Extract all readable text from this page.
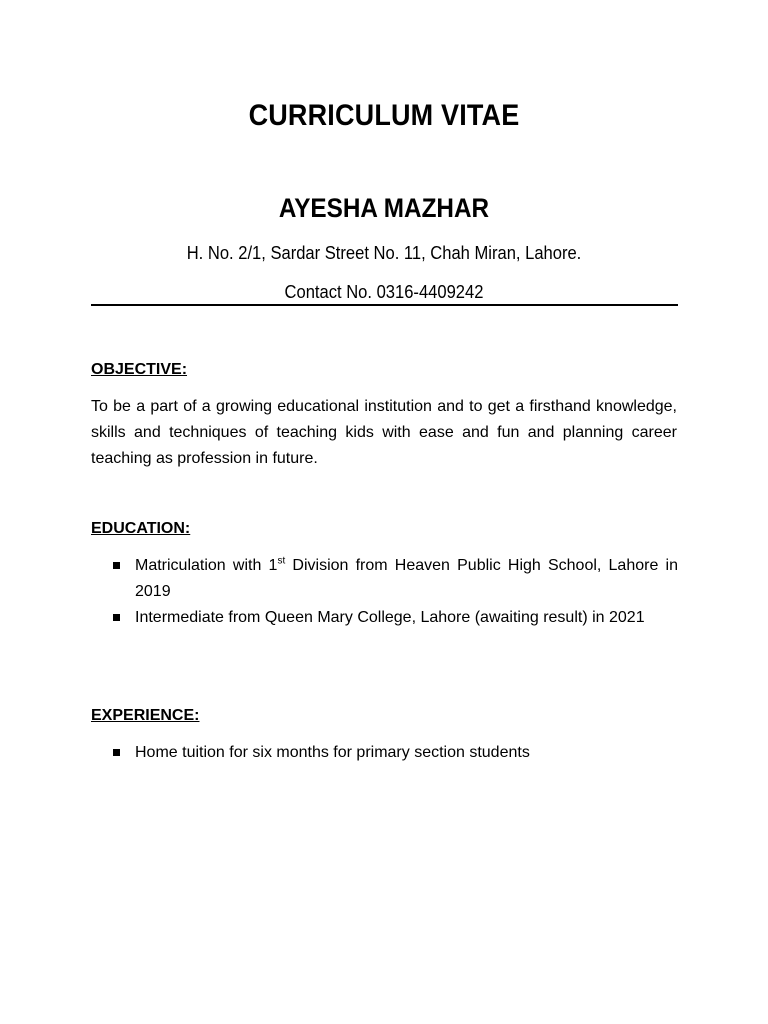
CURRICULUM VITAE
AYESHA MAZHAR
H. No. 2/1, Sardar Street No. 11, Chah Miran, Lahore.
Contact No. 0316-4409242
OBJECTIVE:

To be a part of a growing educational institution and to get a firsthand knowledge, skills and techniques of teaching kids with ease and fun and planning career teaching as profession in future.

EDUCATION:
Matriculation with 1st Division from Heaven Public High School, Lahore in 2019
Intermediate from Queen Mary College, Lahore (awaiting result) in 2021
EXPERIENCE:
Home tuition for six months for primary section students
